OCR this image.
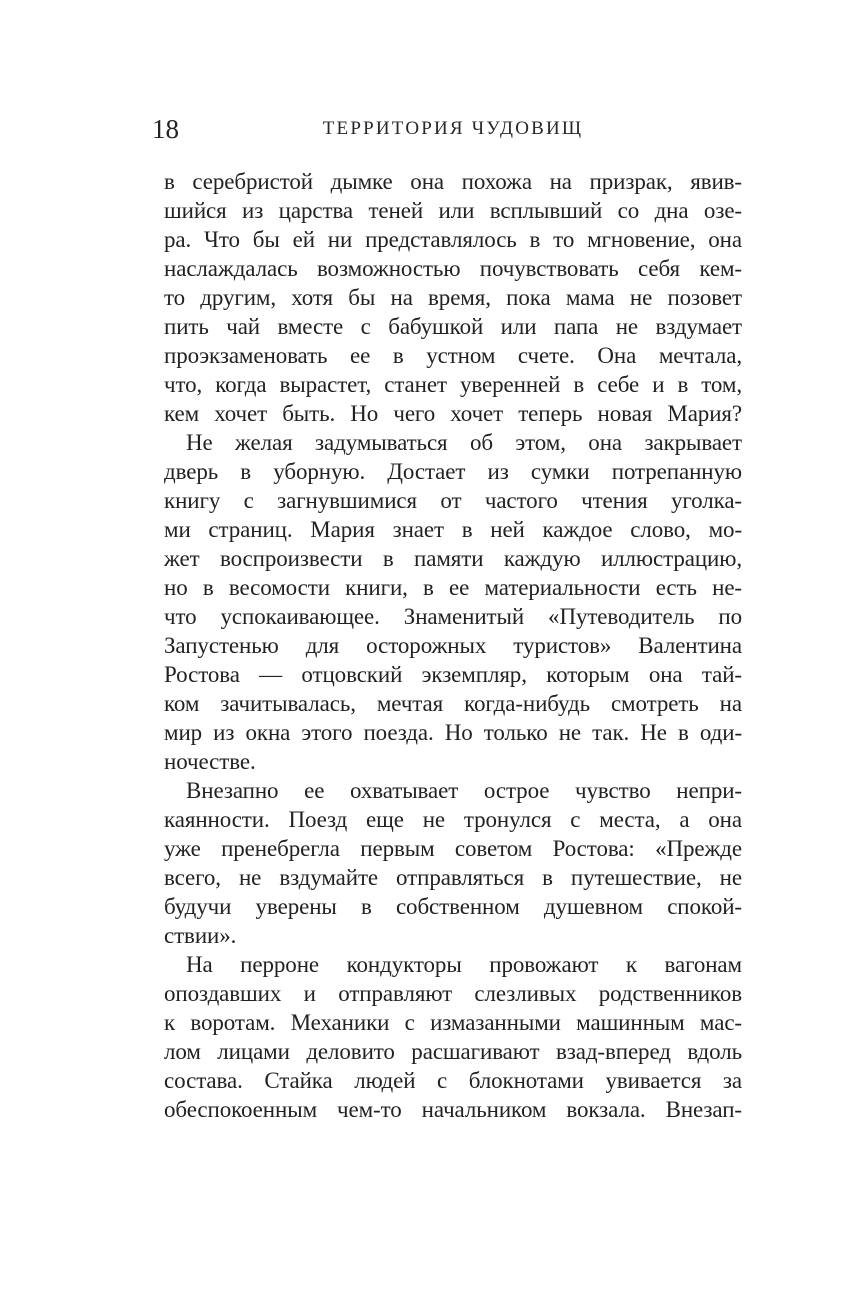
18	ТЕРРИТОРИЯ ЧУДОВИЩ
в серебристой дымке она похожа на призрак, явив-
шийся из царства теней или всплывший со дна озе-
ра. Что бы ей ни представлялось в то мгновение, она
наслаждалась возможностью почувствовать себя кем-
то другим, хотя бы на время, пока мама не позовет
пить чай вместе с бабушкой или папа не вздумает
проэкзаменовать ее в устном счете. Она мечтала,
что, когда вырастет, станет уверенней в себе и в том,
кем хочет быть. Но чего хочет теперь новая Мария?
Не желая задумываться об этом, она закрывает
дверь в уборную. Достает из сумки потрепанную
книгу с загнувшимися от частого чтения уголка-
ми страниц. Мария знает в ней каждое слово, мо-
жет воспроизвести в памяти каждую иллюстрацию,
но в весомости книги, в ее материальности есть не-
что успокаивающее. Знаменитый «Путеводитель по
Запустенью для осторожных туристов» Валентина
Ростова — отцовский экземпляр, которым она тай-
ком зачитывалась, мечтая когда-нибудь смотреть на
мир из окна этого поезда. Но только не так. Не в оди-
ночестве.
Внезапно ее охватывает острое чувство непри-
каянности. Поезд еще не тронулся с места, а она
уже пренебрегла первым советом Ростова: «Прежде
всего, не вздумайте отправляться в путешествие, не
будучи уверены в собственном душевном спокой-
ствии».
На перроне кондукторы провожают к вагонам
опоздавших и отправляют слезливых родственников
к воротам. Механики с измазанными машинным мас-
лом лицами деловито расшагивают взад-вперед вдоль
состава. Стайка людей с блокнотами увивается за
обеспокоенным чем-то начальником вокзала. Внезап-
